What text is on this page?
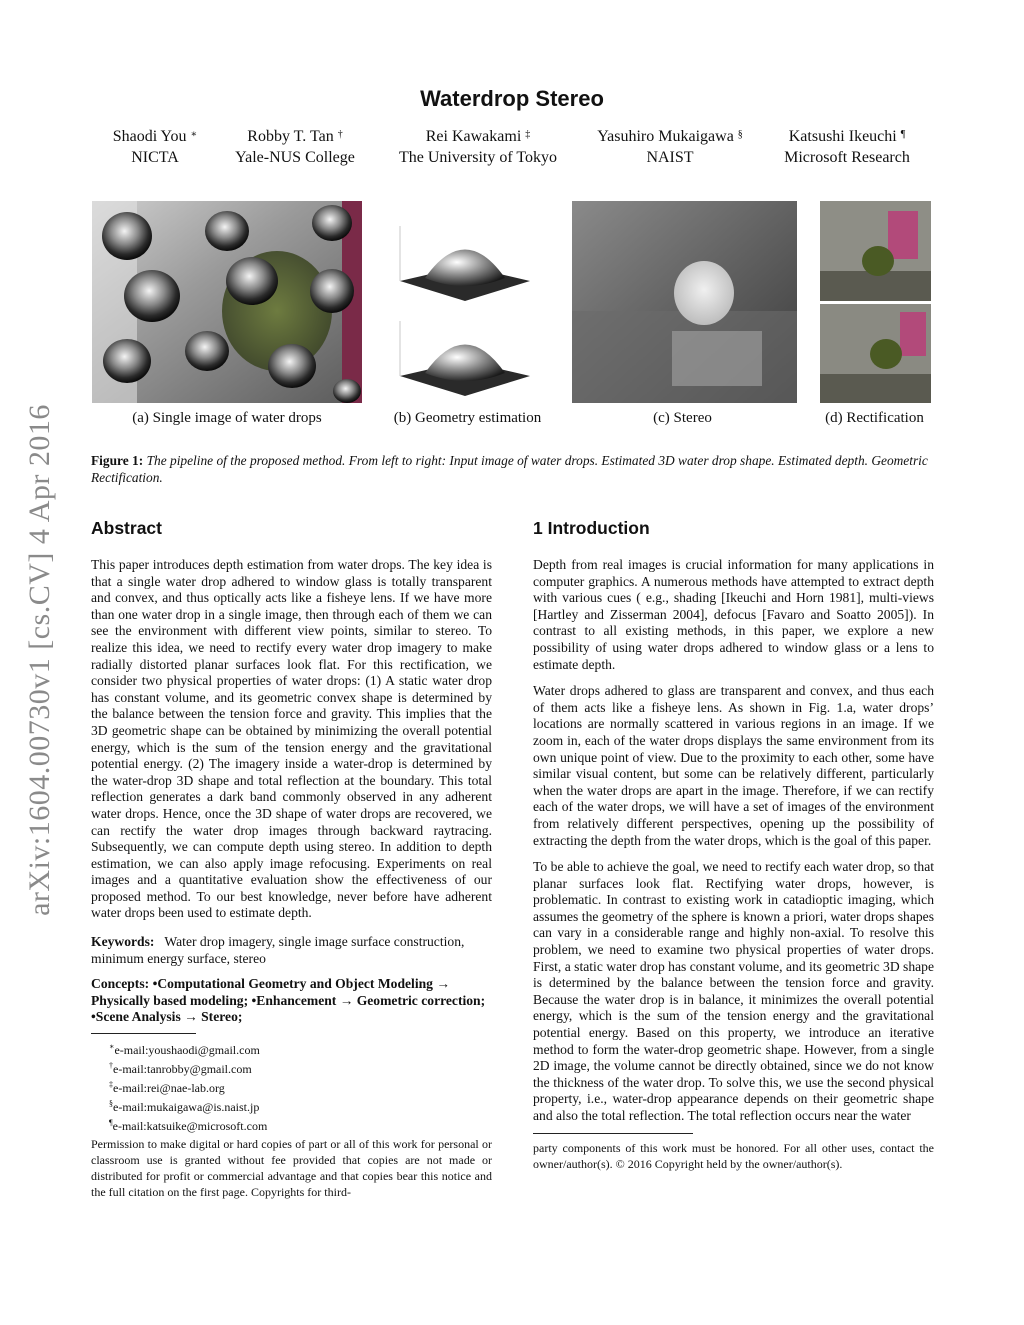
Waterdrop Stereo
Shaodi You ∗
NICTA
Robby T. Tan †
Yale-NUS College
Rei Kawakami ‡
The University of Tokyo
Yasuhiro Mukaigawa §
NAIST
Katsushi Ikeuchi ¶
Microsoft Research
arXiv:1604.00730v1 [cs.CV] 4 Apr 2016	(a) Single image of water drops	(b) Geometry estimation	(c) Stereo	(d) Rectification
Figure 1: The pipeline of the proposed method. From left to right: Input image of water drops. Estimated 3D water drop shape. Estimated depth. Geometric Rectification.
Abstract

This paper introduces depth estimation from water drops. The key idea is that a single water drop adhered to window glass is totally transparent and convex, and thus optically acts like a fisheye lens. If we have more than one water drop in a single image, then through each of them we can see the environment with different view points, similar to stereo. To realize this idea, we need to rectify every water drop imagery to make radially distorted planar surfaces look flat. For this rectification, we consider two physical properties of water drops: (1) A static water drop has constant volume, and its geometric convex shape is determined by the balance between the tension force and gravity. This implies that the 3D geometric shape can be obtained by minimizing the overall potential energy, which is the sum of the tension energy and the gravitational potential energy. (2) The imagery inside a water-drop is determined by the water-drop 3D shape and total reflection at the boundary. This total reflection generates a dark band commonly observed in any adherent water drops. Hence, once the 3D shape of water drops are recovered, we can rectify the water drop images through backward raytracing. Subsequently, we can compute depth using stereo. In addition to depth estimation, we can also apply image refocusing. Experiments on real images and a quantitative evaluation show the effectiveness of our proposed method. To our best knowledge, never before have adherent water drops been used to estimate depth.

Keywords: Water drop imagery, single image surface construction, minimum energy surface, stereo

Concepts: •Computational Geometry and Object Modeling → Physically based modeling; •Enhancement → Geometric correction; •Scene Analysis → Stereo;

∗e-mail:youshaodi@gmail.com
†e-mail:tanrobby@gmail.com
‡e-mail:rei@nae-lab.org
§e-mail:mukaigawa@is.naist.jp
¶e-mail:katsuike@microsoft.com
Permission to make digital or hard copies of part or all of this work for personal or classroom use is granted without fee provided that copies are not made or distributed for profit or commercial advantage and that copies bear this notice and the full citation on the first page. Copyrights for third-
1 Introduction

Depth from real images is crucial information for many applications in computer graphics. A numerous methods have attempted to extract depth with various cues ( e.g., shading [Ikeuchi and Horn 1981], multi-views [Hartley and Zisserman 2004], defocus [Favaro and Soatto 2005]). In contrast to all existing methods, in this paper, we explore a new possibility of using water drops adhered to window glass or a lens to estimate depth.

Water drops adhered to glass are transparent and convex, and thus each of them acts like a fisheye lens. As shown in Fig. 1.a, water drops’ locations are normally scattered in various regions in an image. If we zoom in, each of the water drops displays the same environment from its own unique point of view. Due to the proximity to each other, some have similar visual content, but some can be relatively different, particularly when the water drops are apart in the image. Therefore, if we can rectify each of the water drops, we will have a set of images of the environment from relatively different perspectives, opening up the possibility of extracting the depth from the water drops, which is the goal of this paper.

To be able to achieve the goal, we need to rectify each water drop, so that planar surfaces look flat. Rectifying water drops, however, is problematic. In contrast to existing work in catadioptic imaging, which assumes the geometry of the sphere is known a priori, water drops shapes can vary in a considerable range and highly non-axial. To resolve this problem, we need to examine two physical properties of water drops. First, a static water drop has constant volume, and its geometric 3D shape is determined by the balance between the tension force and gravity. Because the water drop is in balance, it minimizes the overall potential energy, which is the sum of the tension energy and the gravitational potential energy. Based on this property, we introduce an iterative method to form the water-drop geometric shape. However, from a single 2D image, the volume cannot be directly obtained, since we do not know the thickness of the water drop. To solve this, we use the second physical property, i.e., water-drop appearance depends on their geometric shape and also the total reflection. The total reflection occurs near the water

party components of this work must be honored. For all other uses, contact the owner/author(s). © 2016 Copyright held by the owner/author(s).
